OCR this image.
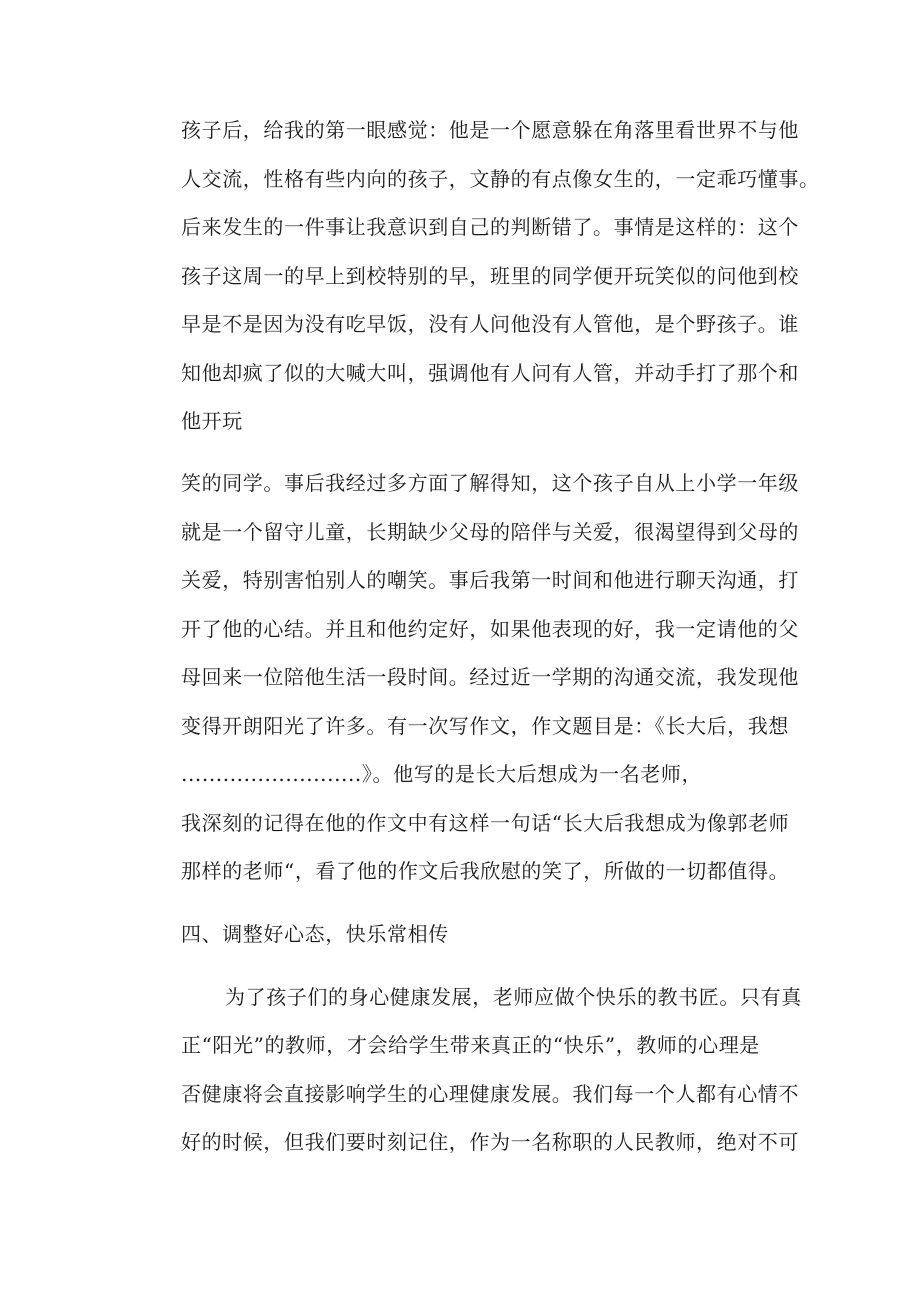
孩子后，给我的第一眼感觉：他是一个愿意躲在角落里看世界不与他
人交流，性格有些内向的孩子，文静的有点像女生的，一定乖巧懂事。
后来发生的一件事让我意识到自己的判断错了。事情是这样的：这个
孩子这周一的早上到校特别的早，班里的同学便开玩笑似的问他到校
早是不是因为没有吃早饭，没有人问他没有人管他，是个野孩子。谁
知他却疯了似的大喊大叫，强调他有人问有人管，并动手打了那个和
他开玩
笑的同学。事后我经过多方面了解得知，这个孩子自从上小学一年级
就是一个留守儿童，长期缺少父母的陪伴与关爱，很渴望得到父母的
关爱，特别害怕别人的嘲笑。事后我第一时间和他进行聊天沟通，打
开了他的心结。并且和他约定好，如果他表现的好，我一定请他的父
母回来一位陪他生活一段时间。经过近一学期的沟通交流，我发现他
变得开朗阳光了许多。有一次写作文，作文题目是：《长大后，我想
..........................》。他写的是长大后想成为一名老师，
我深刻的记得在他的作文中有这样一句话“长大后我想成为像郭老师
那样的老师“，看了他的作文后我欣慰的笑了，所做的一切都值得。
四、调整好心态，快乐常相传
为了孩子们的身心健康发展，老师应做个快乐的教书匠。只有真
正“阳光”的教师，才会给学生带来真正的“快乐”，教师的心理是
否健康将会直接影响学生的心理健康发展。我们每一个人都有心情不
好的时候，但我们要时刻记住，作为一名称职的人民教师，绝对不可
